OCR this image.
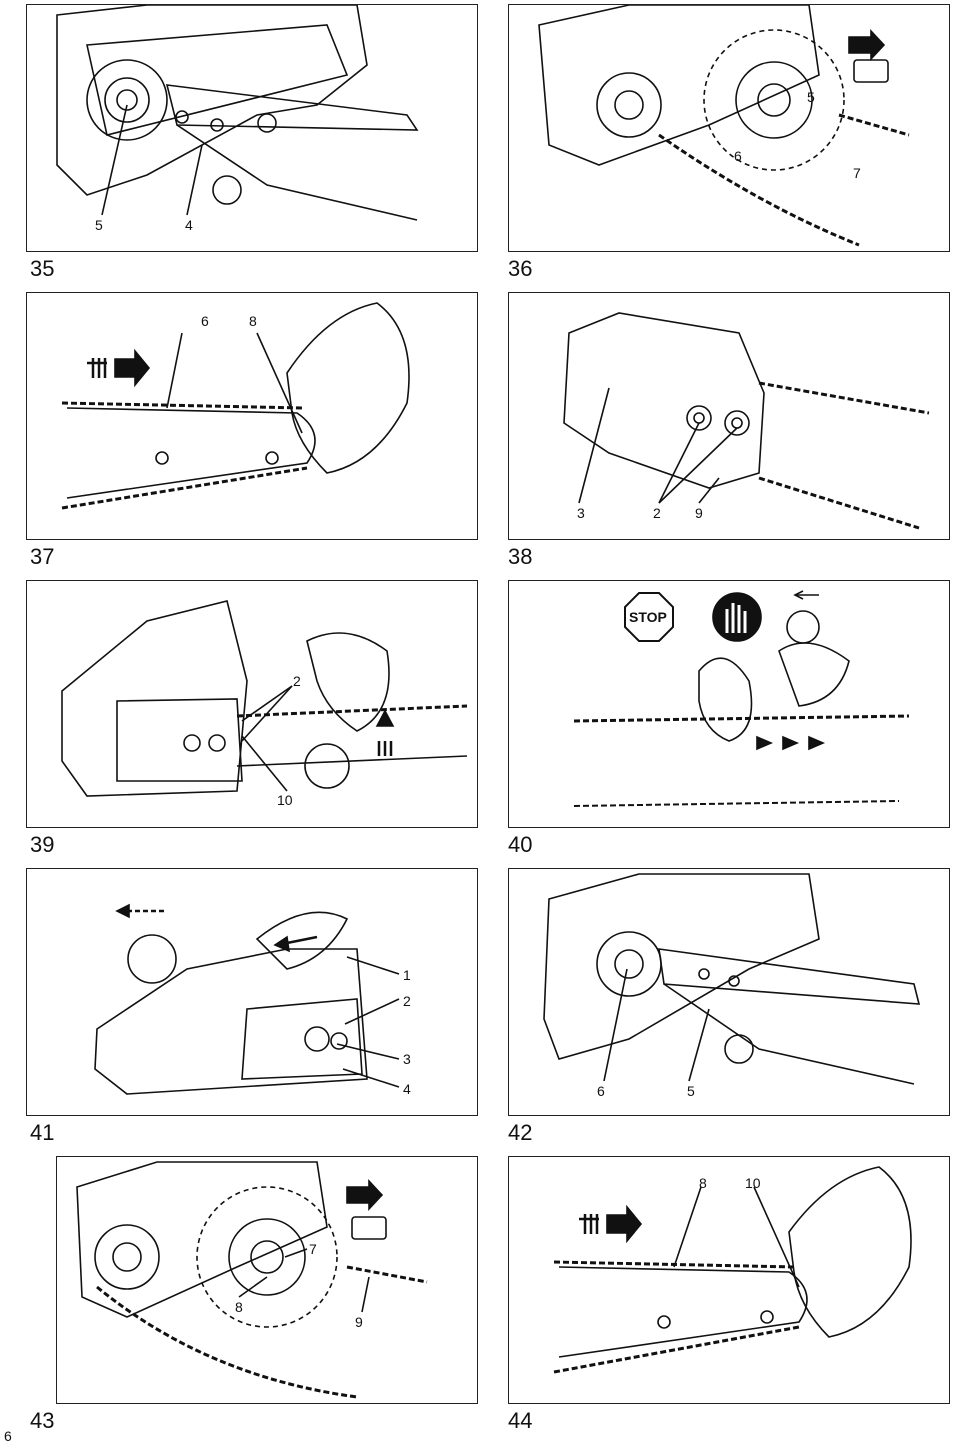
5	4
35
5
6
7
36
6	8
37
3	2 9
38
2
10
39
STOP
40
1
2
3
4
41
6	5
42
7
8
9
43
8	10
44
6
